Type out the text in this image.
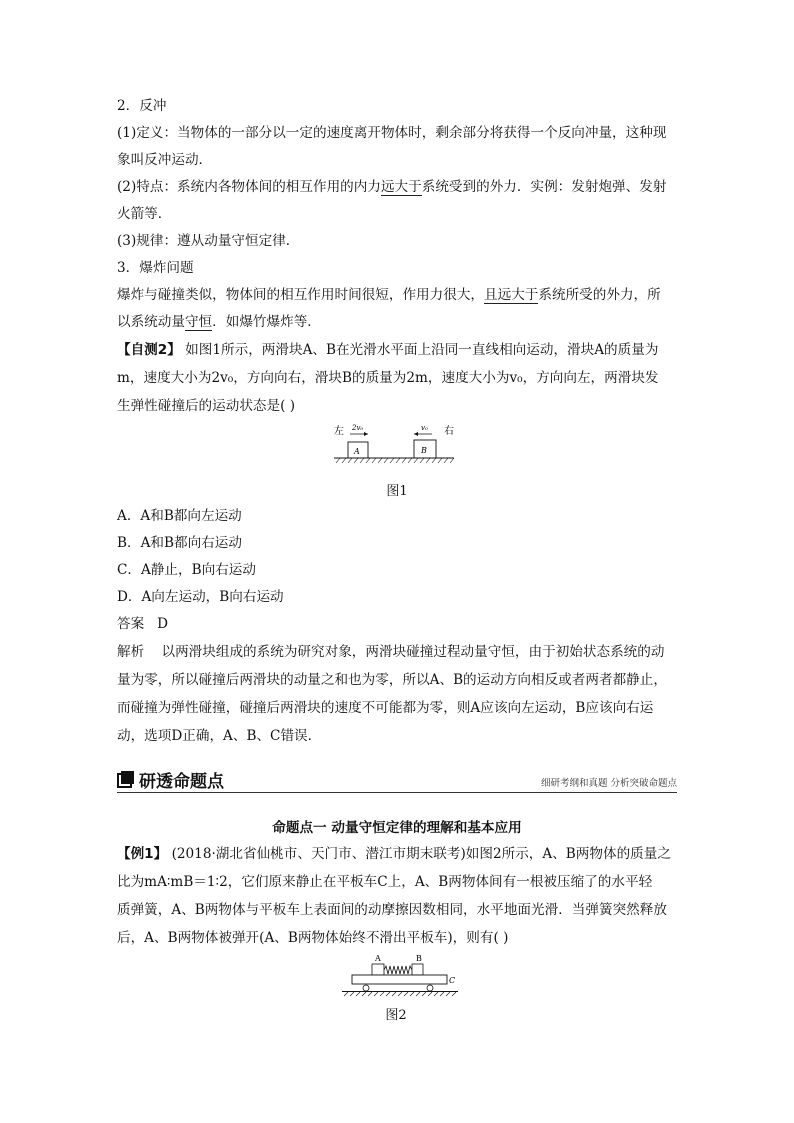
2．反冲
(1)定义：当物体的一部分以一定的速度离开物体时，剩余部分将获得一个反向冲量，这种现
象叫反冲运动．
(2)特点：系统内各物体间的相互作用的内力远大于系统受到的外力．实例：发射炮弹、发射
火箭等．
(3)规律：遵从动量守恒定律．
3．爆炸问题
爆炸与碰撞类似，物体间的相互作用时间很短，作用力很大，且远大于系统所受的外力，所
以系统动量守恒．如爆竹爆炸等．
【自测2】 如图1所示，两滑块A、B在光滑水平面上沿同一直线相向运动，滑块A的质量为
m，速度大小为2v₀，方向向右，滑块B的质量为2m，速度大小为v₀，方向向左，两滑块发
生弹性碰撞后的运动状态是( )
左	右
2v₀	v₀
A	B
图1
A．A和B都向左运动
B．A和B都向右运动
C．A静止，B向右运动
D．A向左运动，B向右运动
答案 D
解析 以两滑块组成的系统为研究对象，两滑块碰撞过程动量守恒，由于初始状态系统的动
量为零，所以碰撞后两滑块的动量之和也为零，所以A、B的运动方向相反或者两者都静止，
而碰撞为弹性碰撞，碰撞后两滑块的速度不可能都为零，则A应该向左运动，B应该向右运
动，选项D正确，A、B、C错误．
研透命题点	细研考纲和真题 分析突破命题点
命题点一 动量守恒定律的理解和基本应用
【例1】 (2018·湖北省仙桃市、天门市、潜江市期末联考)如图2所示，A、B两物体的质量之
比为mA∶mB＝1∶2，它们原来静止在平板车C上，A、B两物体间有一根被压缩了的水平轻
质弹簧，A、B两物体与平板车上表面间的动摩擦因数相同，水平地面光滑．当弹簧突然释放
后，A、B两物体被弹开(A、B两物体始终不滑出平板车)，则有( )
A	B
C
图2
